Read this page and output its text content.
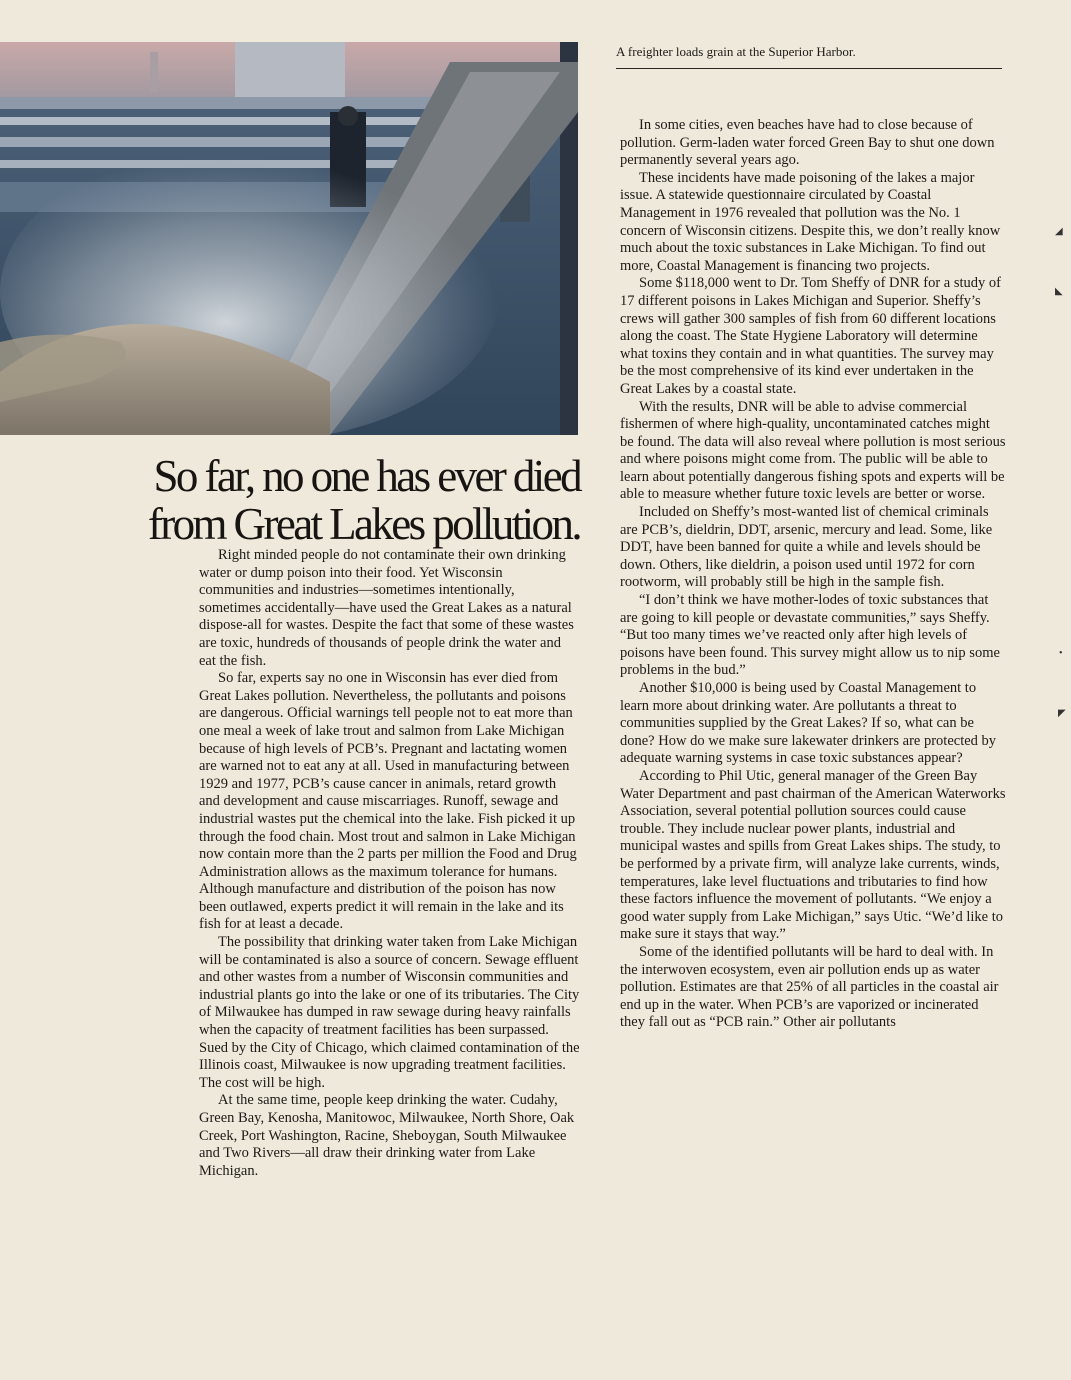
A freighter loads grain at the Superior Harbor.
So far, no one has ever died
from Great Lakes pollution.

Right minded people do not contaminate their own drinking water or dump poison into their food. Yet Wisconsin communities and industries—sometimes intentionally, sometimes accidentally—have used the Great Lakes as a natural dispose-all for wastes. Despite the fact that some of these wastes are toxic, hundreds of thousands of people drink the water and eat the fish.

So far, experts say no one in Wisconsin has ever died from Great Lakes pollution. Nevertheless, the pollutants and poisons are dangerous. Official warnings tell people not to eat more than one meal a week of lake trout and salmon from Lake Michigan because of high levels of PCB’s. Pregnant and lactating women are warned not to eat any at all. Used in manufacturing between 1929 and 1977, PCB’s cause cancer in animals, retard growth and development and cause miscarriages. Runoff, sewage and industrial wastes put the chemical into the lake. Fish picked it up through the food chain. Most trout and salmon in Lake Michigan now contain more than the 2 parts per million the Food and Drug Administration allows as the maximum tolerance for humans. Although manufacture and distribution of the poison has now been outlawed, experts predict it will remain in the lake and its fish for at least a decade.

The possibility that drinking water taken from Lake Michigan will be contaminated is also a source of concern. Sewage effluent and other wastes from a number of Wisconsin communities and industrial plants go into the lake or one of its tributaries. The City of Milwaukee has dumped in raw sewage during heavy rainfalls when the capacity of treatment facilities has been surpassed. Sued by the City of Chicago, which claimed contamination of the Illinois coast, Milwaukee is now upgrading treatment facilities. The cost will be high.

At the same time, people keep drinking the water. Cudahy, Green Bay, Kenosha, Manitowoc, Milwaukee, North Shore, Oak Creek, Port Washington, Racine, Sheboygan, South Milwaukee and Two Rivers—all draw their drinking water from Lake Michigan.

In some cities, even beaches have had to close because of pollution. Germ-laden water forced Green Bay to shut one down permanently several years ago.

These incidents have made poisoning of the lakes a major issue. A statewide questionnaire circulated by Coastal Management in 1976 revealed that pollution was the No. 1 concern of Wisconsin citizens. Despite this, we don’t really know much about the toxic substances in Lake Michigan. To find out more, Coastal Management is financing two projects.

Some $118,000 went to Dr. Tom Sheffy of DNR for a study of 17 different poisons in Lakes Michigan and Superior. Sheffy’s crews will gather 300 samples of fish from 60 different locations along the coast. The State Hygiene Laboratory will determine what toxins they contain and in what quantities. The survey may be the most comprehensive of its kind ever undertaken in the Great Lakes by a coastal state.

With the results, DNR will be able to advise commercial fishermen of where high-quality, uncontaminated catches might be found. The data will also reveal where pollution is most serious and where poisons might come from. The public will be able to learn about potentially dangerous fishing spots and experts will be able to measure whether future toxic levels are better or worse.

Included on Sheffy’s most-wanted list of chemical criminals are PCB’s, dieldrin, DDT, arsenic, mercury and lead. Some, like DDT, have been banned for quite a while and levels should be down. Others, like dieldrin, a poison used until 1972 for corn rootworm, will probably still be high in the sample fish.

“I don’t think we have mother-lodes of toxic substances that are going to kill people or devastate communities,” says Sheffy. “But too many times we’ve reacted only after high levels of poisons have been found. This survey might allow us to nip some problems in the bud.”

Another $10,000 is being used by Coastal Management to learn more about drinking water. Are pollutants a threat to communities supplied by the Great Lakes? If so, what can be done? How do we make sure lakewater drinkers are protected by adequate warning systems in case toxic substances appear?

According to Phil Utic, general manager of the Green Bay Water Department and past chairman of the American Waterworks Association, several potential pollution sources could cause trouble. They include nuclear power plants, industrial and municipal wastes and spills from Great Lakes ships. The study, to be performed by a private firm, will analyze lake currents, winds, temperatures, lake level fluctuations and tributaries to find how these factors influence the movement of pollutants. “We enjoy a good water supply from Lake Michigan,” says Utic. “We’d like to make sure it stays that way.”

Some of the identified pollutants will be hard to deal with. In the interwoven ecosystem, even air pollution ends up as water pollution. Estimates are that 25% of all particles in the coastal air end up in the water. When PCB’s are vaporized or incinerated they fall out as “PCB rain.” Other air pollutants

◢
◣
•
◤
